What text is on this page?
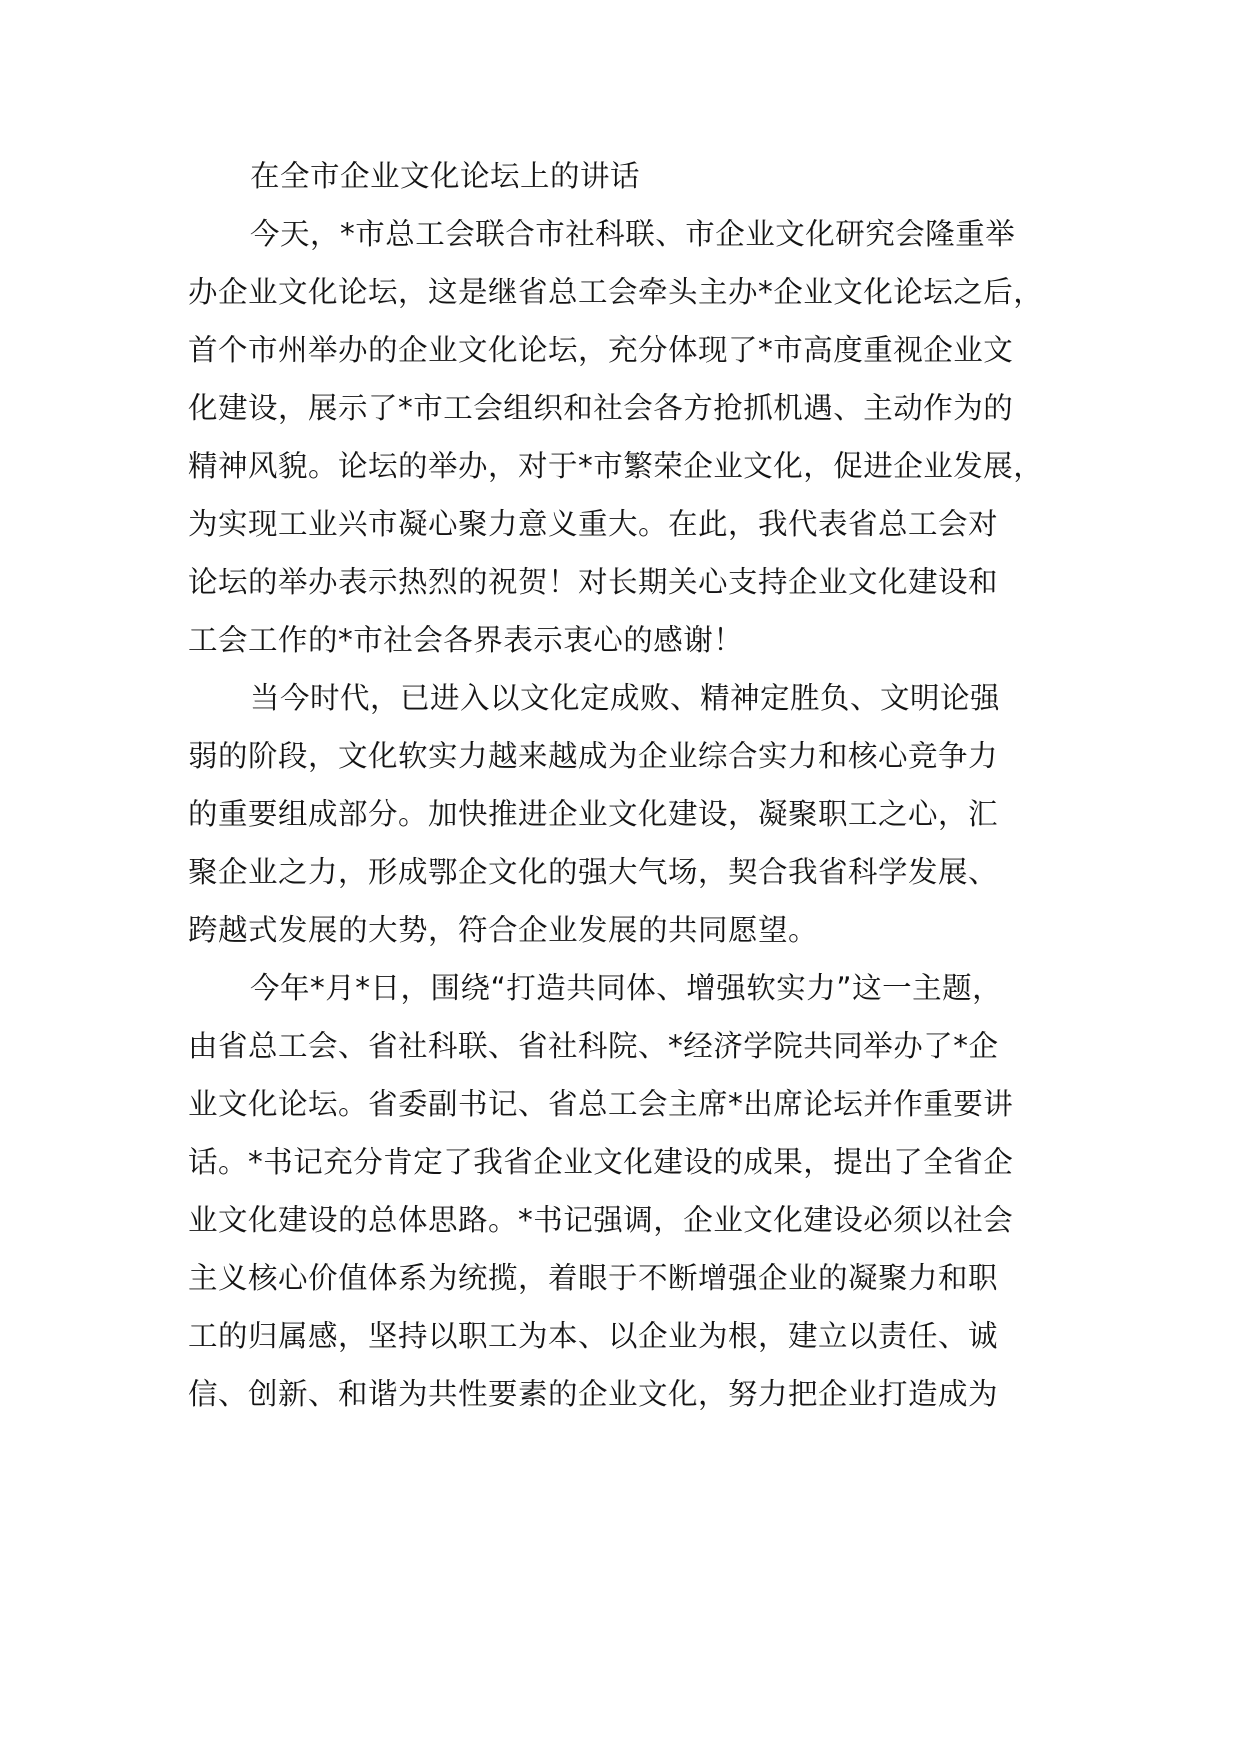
在全市企业文化论坛上的讲话
今天，*市总工会联合市社科联、市企业文化研究会隆重举
办企业文化论坛，这是继省总工会牵头主办*企业文化论坛之后，
首个市州举办的企业文化论坛，充分体现了*市高度重视企业文
化建设，展示了*市工会组织和社会各方抢抓机遇、主动作为的
精神风貌。论坛的举办，对于*市繁荣企业文化，促进企业发展，
为实现工业兴市凝心聚力意义重大。在此，我代表省总工会对
论坛的举办表示热烈的祝贺！对长期关心支持企业文化建设和
工会工作的*市社会各界表示衷心的感谢！
当今时代，已进入以文化定成败、精神定胜负、文明论强
弱的阶段，文化软实力越来越成为企业综合实力和核心竞争力
的重要组成部分。加快推进企业文化建设，凝聚职工之心，汇
聚企业之力，形成鄂企文化的强大气场，契合我省科学发展、
跨越式发展的大势，符合企业发展的共同愿望。
今年*月*日，围绕“打造共同体、增强软实力”这一主题，
由省总工会、省社科联、省社科院、*经济学院共同举办了*企
业文化论坛。省委副书记、省总工会主席*出席论坛并作重要讲
话。*书记充分肯定了我省企业文化建设的成果，提出了全省企
业文化建设的总体思路。*书记强调，企业文化建设必须以社会
主义核心价值体系为统揽，着眼于不断增强企业的凝聚力和职
工的归属感，坚持以职工为本、以企业为根，建立以责任、诚
信、创新、和谐为共性要素的企业文化，努力把企业打造成为
